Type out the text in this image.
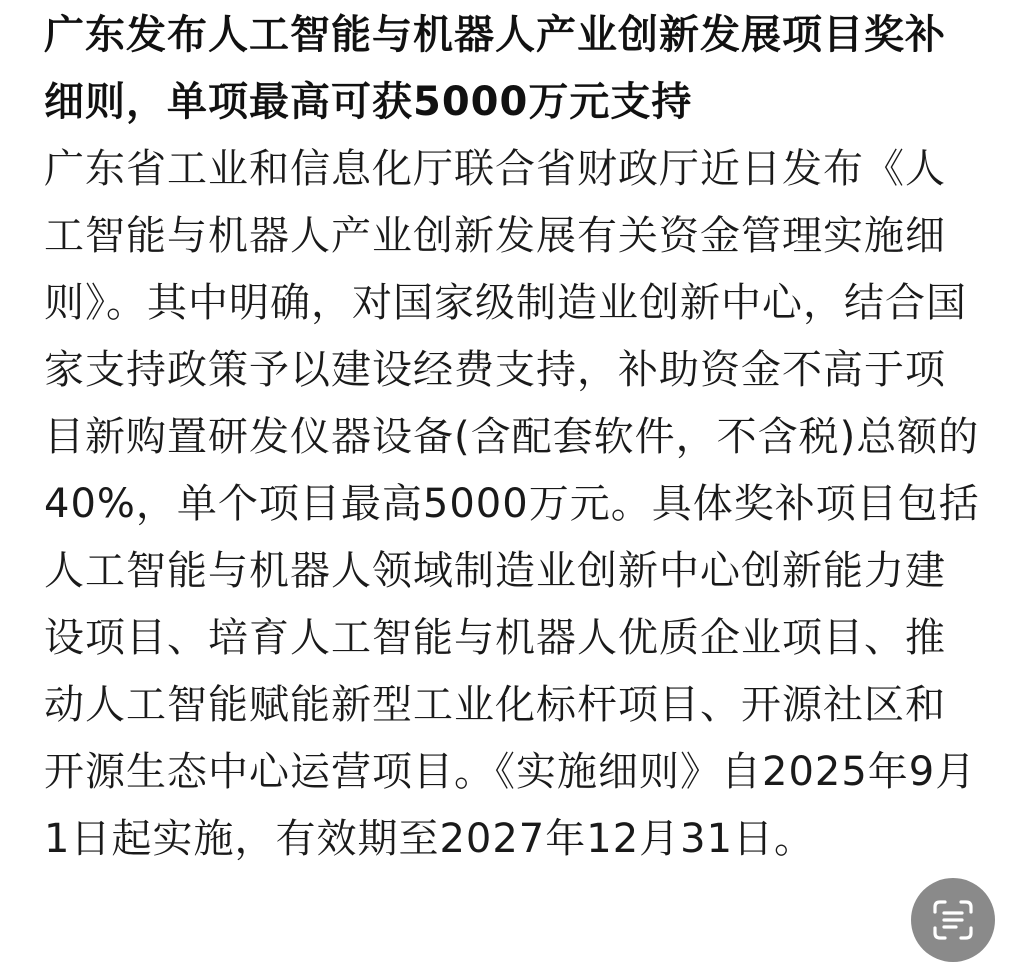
广东发布人工智能与机器人产业创新发展项目奖补细则，单项最高可获5000万元支持

广东省工业和信息化厅联合省财政厅近日发布《人工智能与机器人产业创新发展有关资金管理实施细则》。其中明确，对国家级制造业创新中心，结合国家支持政策予以建设经费支持，补助资金不高于项目新购置研发仪器设备(含配套软件，不含税)总额的40%，单个项目最高5000万元。具体奖补项目包括人工智能与机器人领域制造业创新中心创新能力建设项目、培育人工智能与机器人优质企业项目、推动人工智能赋能新型工业化标杆项目、开源社区和开源生态中心运营项目。《实施细则》自2025年9月1日起实施，有效期至2027年12月31日。
